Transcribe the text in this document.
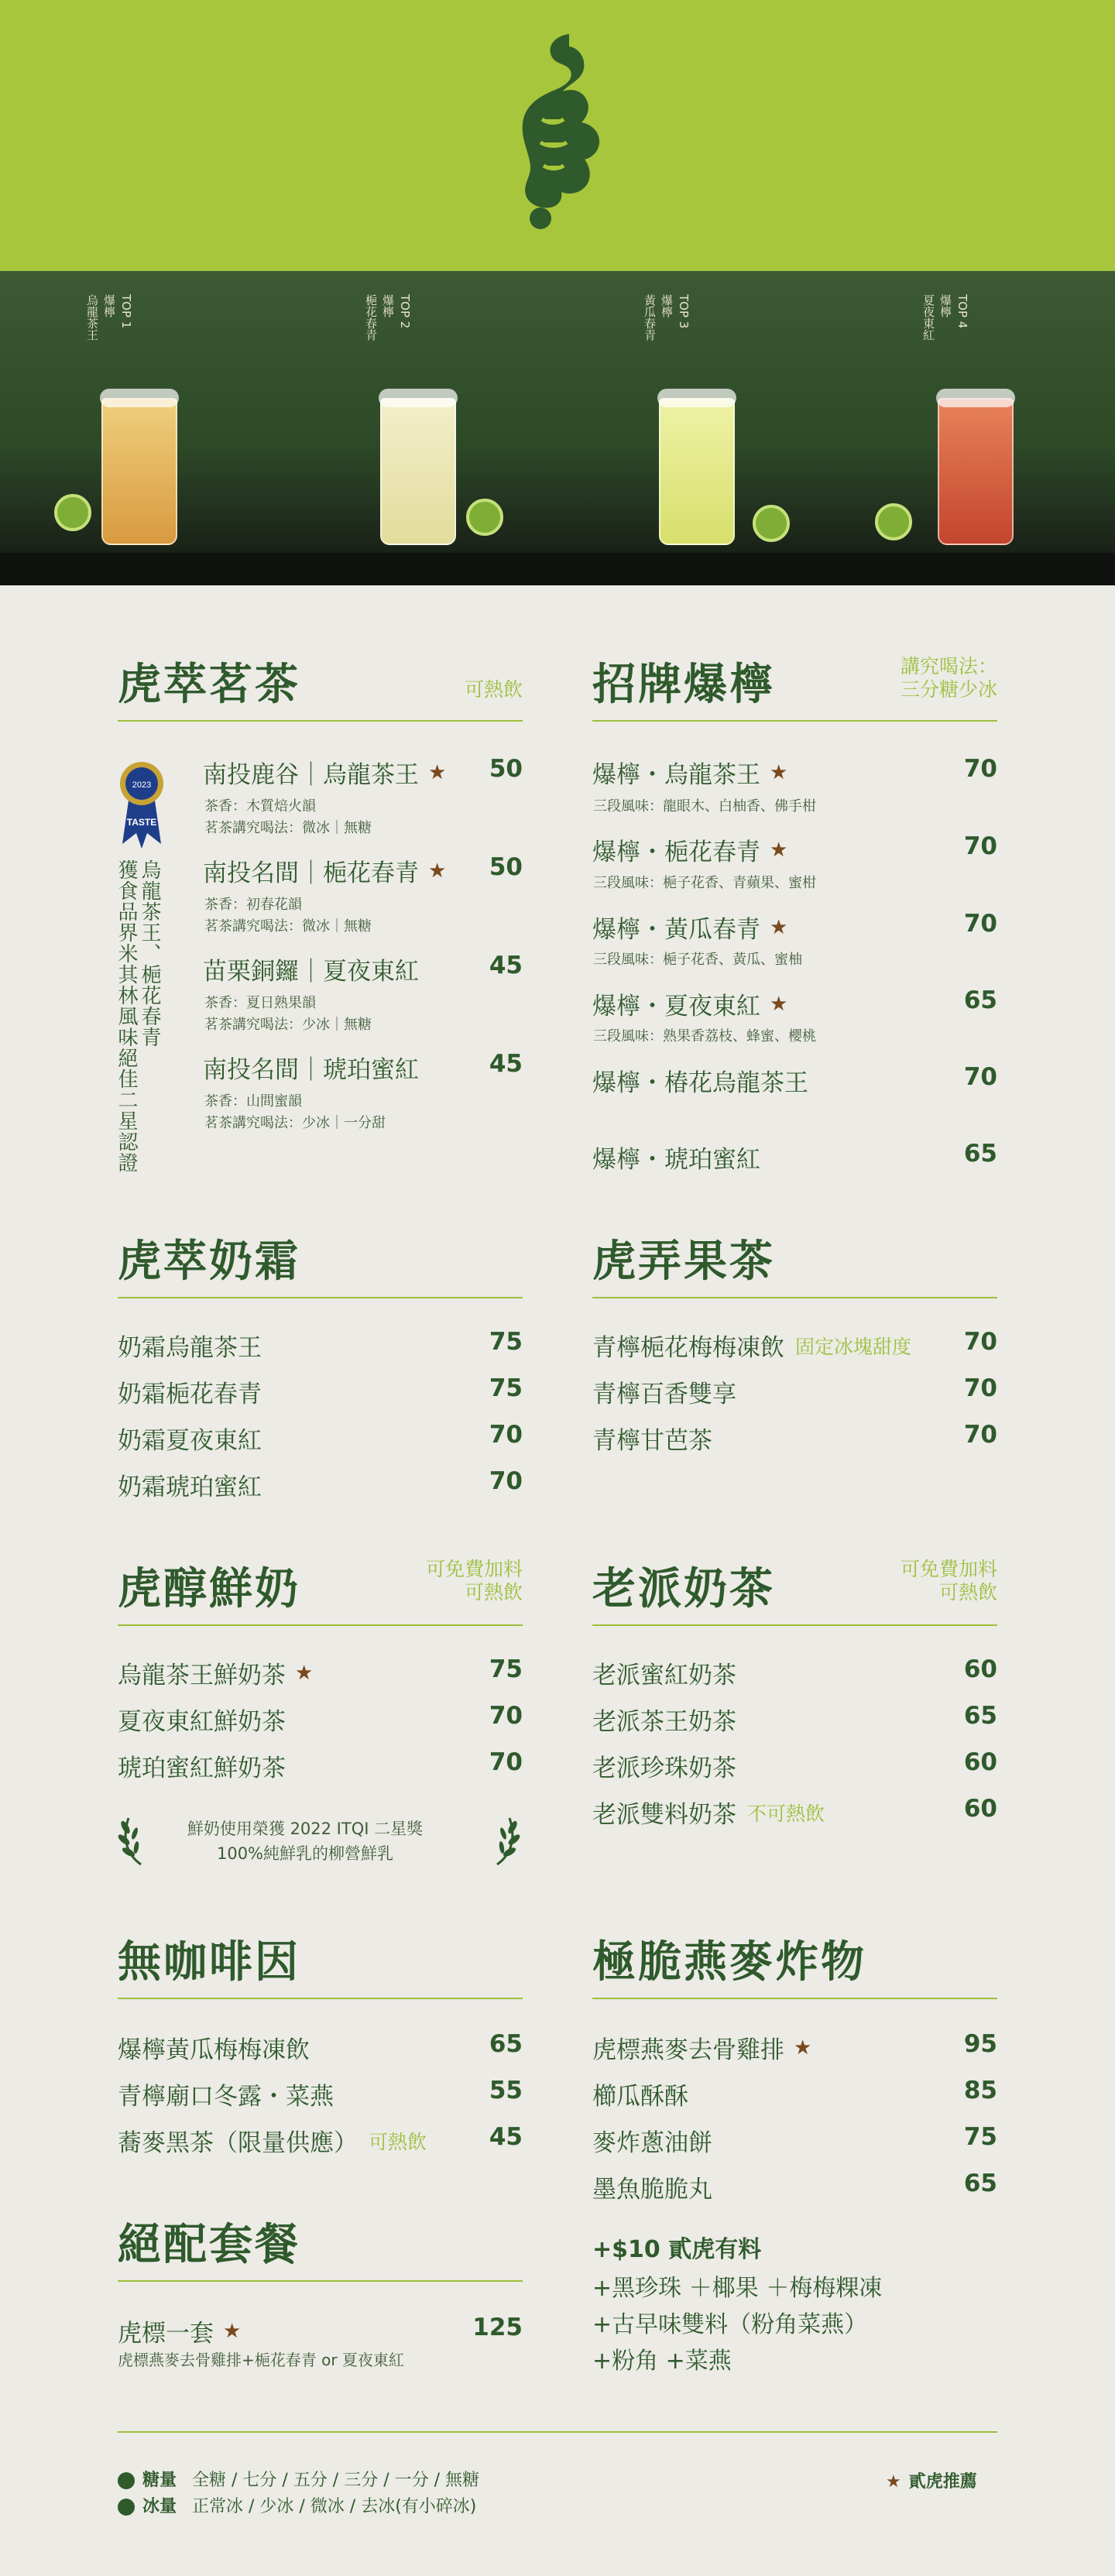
TOP 1
爆檸
烏龍茶王	TOP 2
爆檸
梔花春青	TOP 3
爆檸
黃瓜春青	TOP 4
爆檸
夏夜東紅
虎萃茗茶	可熱飲
2023
TASTE
烏龍茶王、梔花春青
獲食品界米其林風味絕佳二星認證
南投鹿谷｜烏龍茶王 ★	50
茶香：木質焙火韻
茗茶講究喝法：微冰｜無糖
南投名間｜梔花春青 ★	50
茶香：初春花韻
茗茶講究喝法：微冰｜無糖
苗栗銅鑼｜夏夜東紅	45
茶香：夏日熟果韻
茗茶講究喝法：少冰｜無糖
南投名間｜琥珀蜜紅	45
茶香：山間蜜韻
茗茶講究喝法：少冰｜一分甜
招牌爆檸	講究喝法：
三分糖少冰
爆檸・烏龍茶王 ★	70
三段風味：龍眼木、白柚香、佛手柑
爆檸・梔花春青 ★	70
三段風味：梔子花香、青蘋果、蜜柑
爆檸・黃瓜春青 ★	70
三段風味：梔子花香、黃瓜、蜜柚
爆檸・夏夜東紅 ★	65
三段風味：熟果香荔枝、蜂蜜、櫻桃
爆檸・椿花烏龍茶王	70
爆檸・琥珀蜜紅	65
虎萃奶霜
奶霜烏龍茶王	75
奶霜梔花春青	75
奶霜夏夜東紅	70
奶霜琥珀蜜紅	70
虎弄果茶
青檸梔花梅梅凍飲 固定冰塊甜度	70
青檸百香雙享	70
青檸甘芭茶	70
虎醇鮮奶	可免費加料
可熱飲
烏龍茶王鮮奶茶 ★	75
夏夜東紅鮮奶茶	70
琥珀蜜紅鮮奶茶	70
鮮奶使用榮獲 2022 ITQI 二星獎
100%純鮮乳的柳營鮮乳
老派奶茶	可免費加料
可熱飲
老派蜜紅奶茶	60
老派茶王奶茶	65
老派珍珠奶茶	60
老派雙料奶茶 不可熱飲	60
無咖啡因
爆檸黃瓜梅梅凍飲	65
青檸廟口冬露・菜燕	55
蕎麥黑茶（限量供應） 可熱飲	45
極脆燕麥炸物
虎標燕麥去骨雞排 ★	95
櫛瓜酥酥	85
麥炸蔥油餅	75
墨魚脆脆丸	65
絕配套餐
虎標一套 ★	125
虎標燕麥去骨雞排+梔花春青 or 夏夜東紅
+$10 貳虎有料
+黑珍珠 ＋椰果 ＋梅梅粿凍
+古早味雙料（粉角菜燕）
+粉角 +菜燕
糖量 全糖 / 七分 / 五分 / 三分 / 一分 / 無糖
冰量 正常冰 / 少冰 / 微冰 / 去冰(有小碎冰)
★ 貳虎推薦
